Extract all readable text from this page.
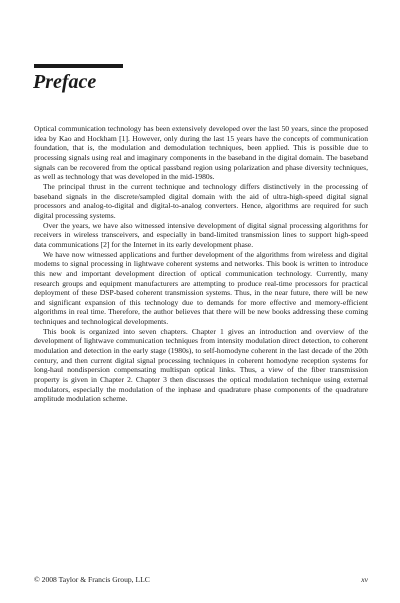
Preface

Optical communication technology has been extensively developed over the last 50 years, since the proposed idea by Kao and Hockham [1]. However, only during the last 15 years have the concepts of communication foundation, that is, the modulation and demodulation techniques, been applied. This is possible due to processing signals using real and imaginary components in the baseband in the digital domain. The baseband signals can be recovered from the optical passband region using polarization and phase diversity techniques, as well as technology that was developed in the mid-1980s.

The principal thrust in the current technique and technology differs distinctively in the processing of baseband signals in the discrete/sampled digital domain with the aid of ultra-high-speed digital signal processors and analog-to-digital and digital-to-analog converters. Hence, algorithms are required for such digital processing systems.

Over the years, we have also witnessed intensive development of digital signal processing algorithms for receivers in wireless transceivers, and especially in band-limited transmission lines to support high-speed data communications [2] for the Internet in its early development phase.

We have now witnessed applications and further development of the algorithms from wireless and digital modems to signal processing in lightwave coherent systems and networks. This book is written to introduce this new and important development direction of optical communication technology. Currently, many research groups and equipment manufacturers are attempting to produce real-time processors for practical deployment of these DSP-based coherent transmission systems. Thus, in the near future, there will be new and significant expansion of this technology due to demands for more effective and memory-efficient algorithms in real time. Therefore, the author believes that there will be new books addressing these coming techniques and technological developments.

This book is organized into seven chapters. Chapter 1 gives an introduction and overview of the development of lightwave communication techniques from intensity modulation direct detection, to coherent modulation and detection in the early stage (1980s), to self-homodyne coherent in the last decade of the 20th century, and then current digital signal processing techniques in coherent homodyne reception systems for long-haul nondispersion compensating multispan optical links. Thus, a view of the fiber transmission property is given in Chapter 2. Chapter 3 then discusses the optical modulation technique using external modulators, especially the modulation of the inphase and quadrature phase components of the quadrature amplitude modulation scheme.

© 2008 Taylor & Francis Group, LLC	xv
